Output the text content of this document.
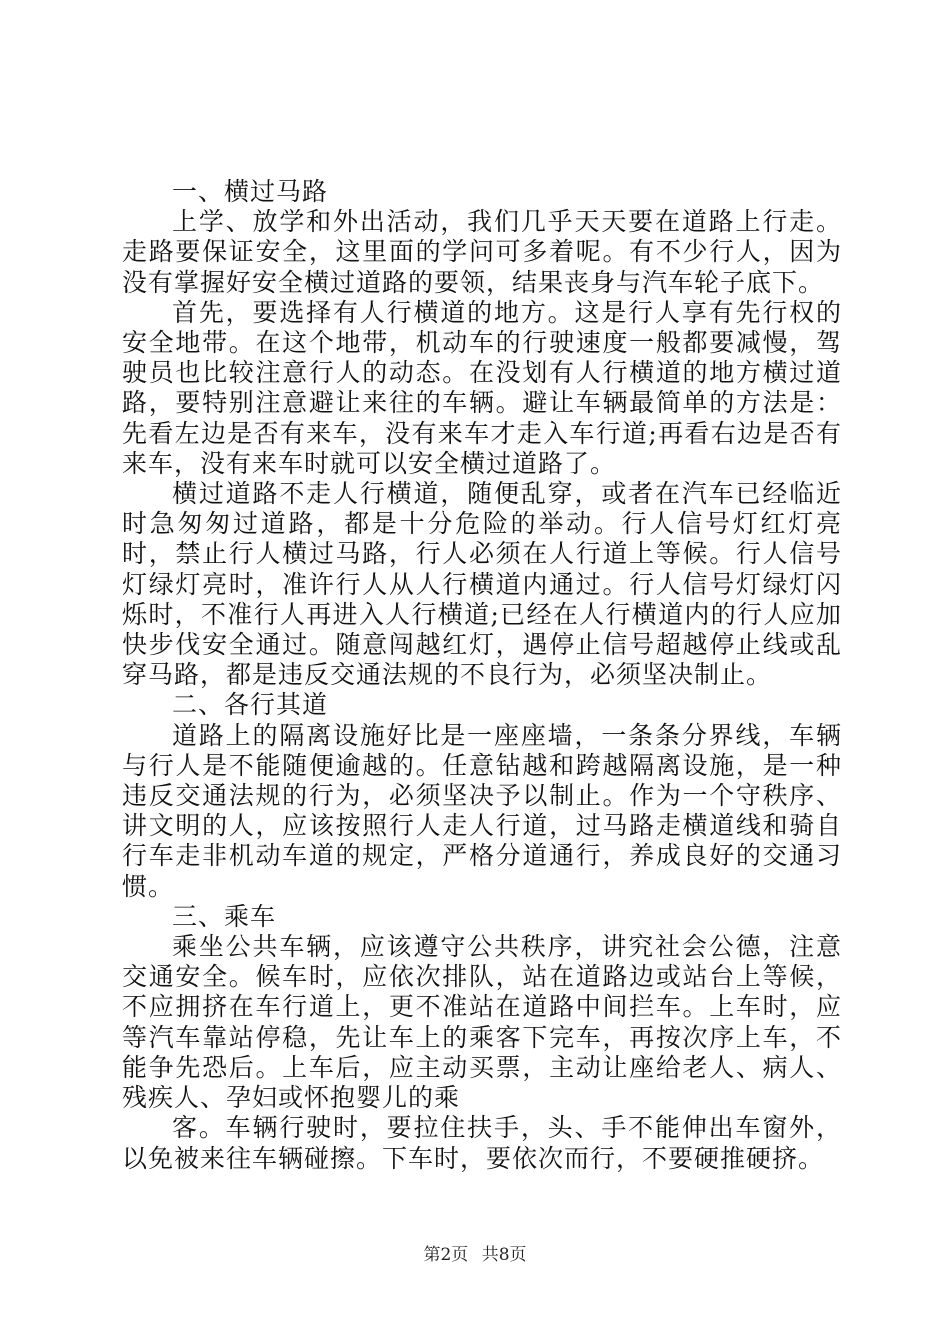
一、横过马路

上学、放学和外出活动，我们几乎天天要在道路上行走。走路要保证安全，这里面的学问可多着呢。有不少行人，因为没有掌握好安全横过道路的要领，结果丧身与汽车轮子底下。

首先，要选择有人行横道的地方。这是行人享有先行权的安全地带。在这个地带，机动车的行驶速度一般都要减慢，驾驶员也比较注意行人的动态。在没划有人行横道的地方横过道路，要特别注意避让来往的车辆。避让车辆最简单的方法是：先看左边是否有来车，没有来车才走入车行道;再看右边是否有来车，没有来车时就可以安全横过道路了。

横过道路不走人行横道，随便乱穿，或者在汽车已经临近时急匆匆过道路，都是十分危险的举动。行人信号灯红灯亮时，禁止行人横过马路，行人必须在人行道上等候。行人信号灯绿灯亮时，准许行人从人行横道内通过。行人信号灯绿灯闪烁时，不准行人再进入人行横道;已经在人行横道内的行人应加快步伐安全通过。随意闯越红灯，遇停止信号超越停止线或乱穿马路，都是违反交通法规的不良行为，必须坚决制止。

二、各行其道

道路上的隔离设施好比是一座座墙，一条条分界线，车辆与行人是不能随便逾越的。任意钻越和跨越隔离设施，是一种违反交通法规的行为，必须坚决予以制止。作为一个守秩序、讲文明的人，应该按照行人走人行道，过马路走横道线和骑自行车走非机动车道的规定，严格分道通行，养成良好的交通习惯。

三、乘车

乘坐公共车辆，应该遵守公共秩序，讲究社会公德，注意交通安全。候车时，应依次排队，站在道路边或站台上等候，不应拥挤在车行道上，更不准站在道路中间拦车。上车时，应等汽车靠站停稳，先让车上的乘客下完车，再按次序上车，不能争先恐后。上车后，应主动买票，主动让座给老人、病人、残疾人、孕妇或怀抱婴儿的乘

客。车辆行驶时，要拉住扶手，头、手不能伸出车窗外，以免被来往车辆碰擦。下车时，要依次而行，不要硬推硬挤。

第2页 共8页
